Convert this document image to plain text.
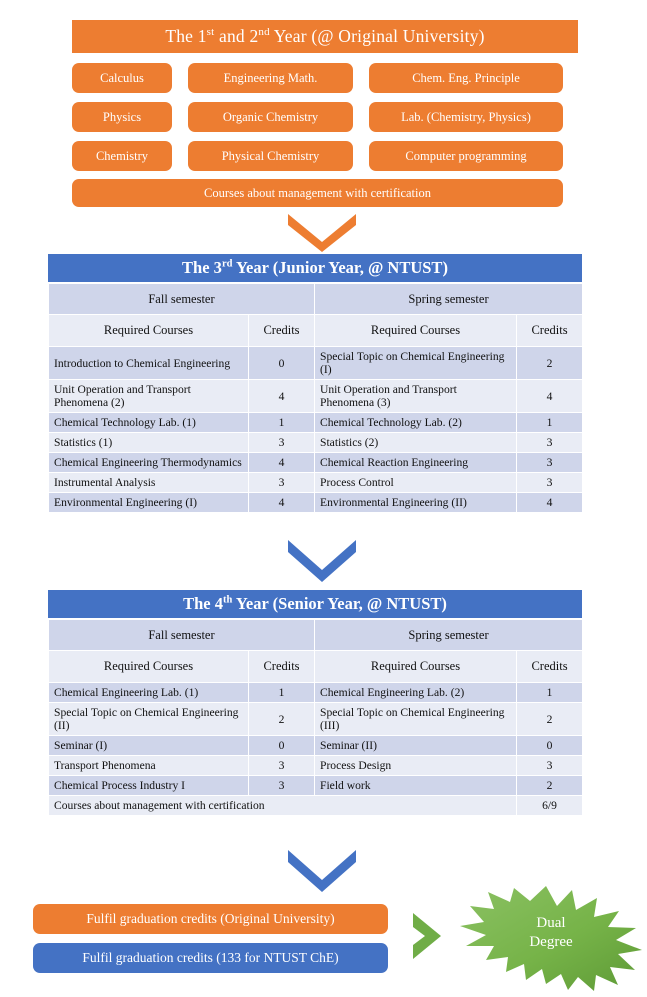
The 1st and 2nd Year (@ Original University)
Calculus	Engineering Math.	Chem. Eng. Principle
Physics	Organic Chemistry	Lab. (Chemistry, Physics)
Chemistry	Physical Chemistry	Computer programming
Courses about management with certification
The 3rd Year (Junior Year, @ NTUST)
Fall semester		Spring semester	
Required Courses	Credits	Required Courses	Credits
Introduction to Chemical Engineering	0	Special Topic on Chemical Engineering (I)	2
Unit Operation and Transport Phenomena (2)	4	Unit Operation and Transport Phenomena (3)	4
Chemical Technology Lab. (1)	1	Chemical Technology Lab. (2)	1
Statistics (1)	3	Statistics (2)	3
Chemical Engineering Thermodynamics	4	Chemical Reaction Engineering	3
Instrumental Analysis	3	Process Control	3
Environmental Engineering (I)	4	Environmental Engineering (II)	4
The 4th Year (Senior Year, @ NTUST)
Fall semester		Spring semester	
Required Courses	Credits	Required Courses	Credits
Chemical Engineering Lab. (1)	1	Chemical Engineering Lab. (2)	1
Special Topic on Chemical Engineering (II)	2	Special Topic on Chemical Engineering (III)	2
Seminar (I)	0	Seminar (II)	0
Transport Phenomena	3	Process Design	3
Chemical Process Industry I	3	Field work	2
Courses about management with certification			6/9
Fulfil graduation credits (Original University)
Fulfil graduation credits (133 for NTUST ChE)
Dual
Degree
